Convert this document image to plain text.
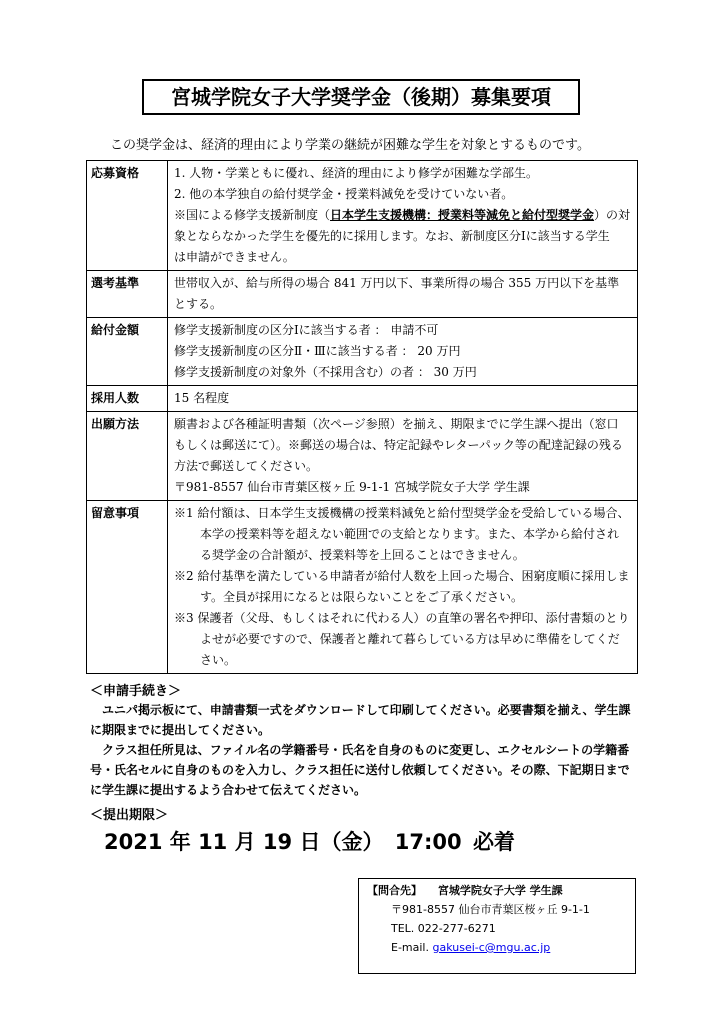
宮城学院女子大学奨学金（後期）募集要項
この奨学金は、経済的理由により学業の継続が困難な学生を対象とするものです。
応募資格	1. 人物・学業ともに優れ、経済的理由により修学が困難な学部生。
2. 他の本学独自の給付奨学金・授業料減免を受けていない者。
※国による修学支援新制度（日本学生支援機構：授業料等減免と給付型奨学金）の対
象とならなかった学生を優先的に採用します。なお、新制度区分Ⅰに該当する学生
は申請ができません。

選考基準	世帯収入が、給与所得の場合 841 万円以下、事業所得の場合 355 万円以下を基準
とする。

給付金額	修学支援新制度の区分Ⅰに該当する者 ： 申請不可
修学支援新制度の区分Ⅱ・Ⅲに該当する者 ： 20 万円
修学支援新制度の対象外（不採用含む）の者 ： 30 万円

採用人数	15 名程度

出願方法	願書および各種証明書類（次ページ参照）を揃え、期限までに学生課へ提出（窓口
もしくは郵送にて）。※郵送の場合は、特定記録やレターパック等の配達記録の残る
方法で郵送してください。
〒981-8557 仙台市青葉区桜ヶ丘 9-1-1 宮城学院女子大学 学生課

留意事項	※1 給付額は、日本学生支援機構の授業料減免と給付型奨学金を受給している場合、本学の授業料等を超えない範囲での支給となります。また、本学から給付される奨学金の合計額が、授業料等を上回ることはできません。
※2 給付基準を満たしている申請者が給付人数を上回った場合、困窮度順に採用します。全員が採用になるとは限らないことをご了承ください。
※3 保護者（父母、もしくはそれに代わる人）の直筆の署名や押印、添付書類のとりよせが必要ですので、保護者と離れて暮らしている方は早めに準備をしてください。
＜申請手続き＞

ユニパ掲示板にて、申請書類一式をダウンロードして印刷してください。必要書類を揃え、学生課に期限までに提出してください。

クラス担任所見は、ファイル名の学籍番号・氏名を自身のものに変更し、エクセルシートの学籍番号・氏名セルに自身のものを入力し、クラス担任に送付し依頼してください。その際、下記期日までに学生課に提出するよう合わせて伝えてください。

＜提出期限＞
2021 年 11 月 19 日（金） 17:00 必着
【問合先】 宮城学院女子大学 学生課
〒981-8557 仙台市青葉区桜ヶ丘 9-1-1
TEL. 022-277-6271
E-mail. gakusei-c@mgu.ac.jp
